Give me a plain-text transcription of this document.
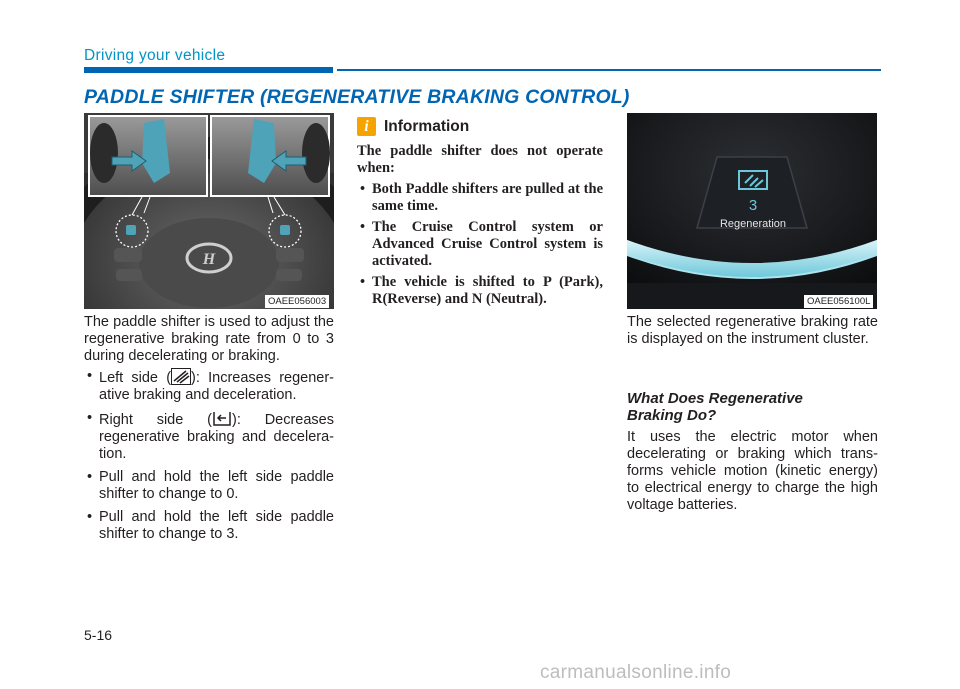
Driving your vehicle
PADDLE SHIFTER (REGENERATIVE BRAKING CONTROL)
H
OAEE056003
The paddle shifter is used to adjust the regenerative braking rate from 0 to 3 during decelerating or braking.
• Left side ( ): Increases regener-ative braking and deceleration.
• Right side ( ): Decreases regenerative braking and decelera-tion.
• Pull and hold the left side paddle shifter to change to 0.
• Pull and hold the left side paddle shifter to change to 3.
i Information
The paddle shifter does not operate when:
• Both Paddle shifters are pulled at the same time.
• The Cruise Control system or Advanced Cruise Control system is activated.
• The vehicle is shifted to P (Park), R(Reverse) and N (Neutral).
3
Regeneration
OAEE056100L
The selected regenerative braking rate is displayed on the instrument cluster.
What Does Regenerative Braking Do?
It uses the electric motor when decelerating or braking which trans-forms vehicle motion (kinetic energy) to electrical energy to charge the high voltage batteries.
5-16
carmanualsonline.info
